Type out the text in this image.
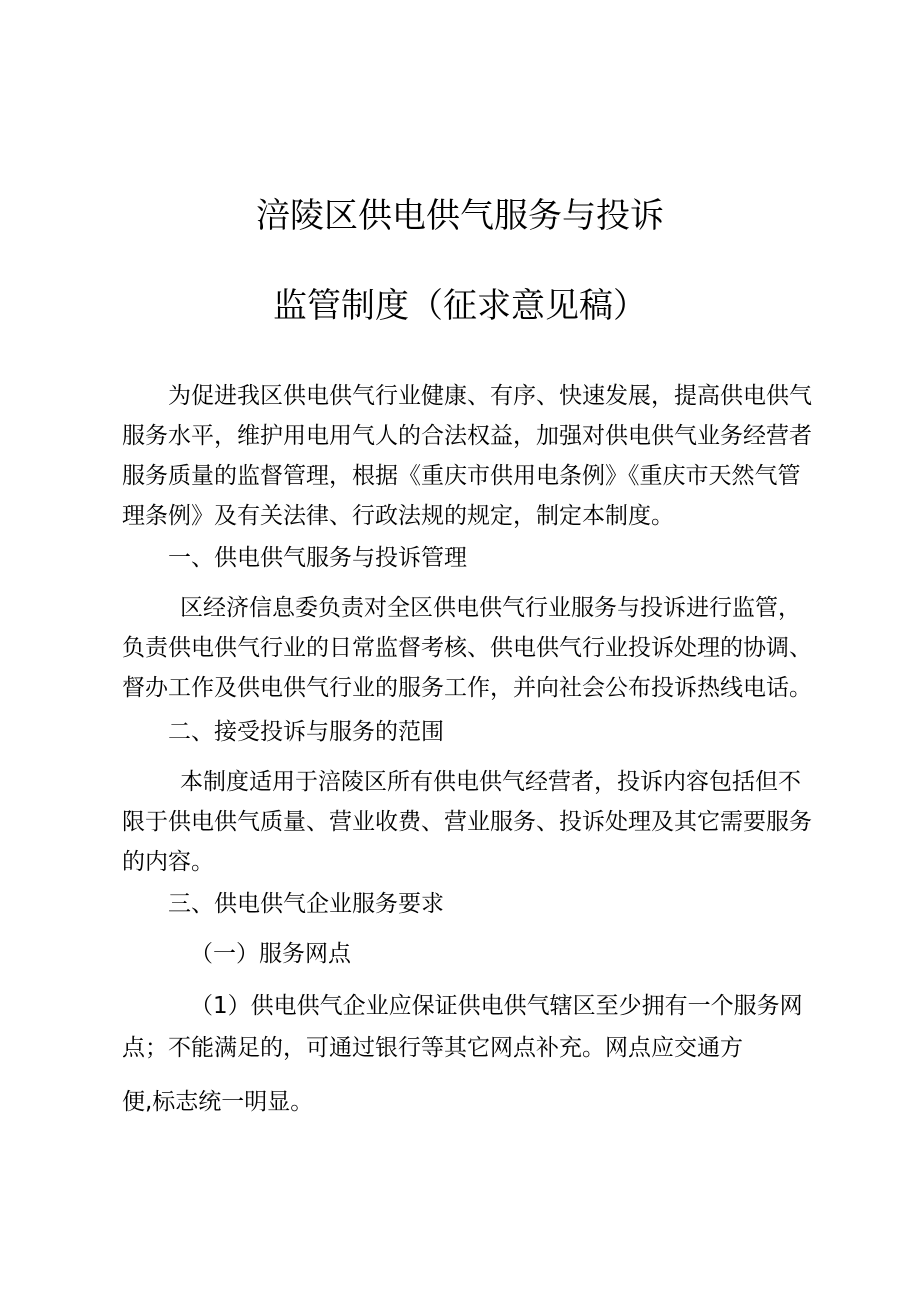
涪陵区供电供气服务与投诉
监管制度（征求意见稿）
为促进我区供电供气行业健康、有序、快速发展，提高供电供气
服务水平，维护用电用气人的合法权益，加强对供电供气业务经营者
服务质量的监督管理，根据《重庆市供用电条例》《重庆市天然气管
理条例》及有关法律、行政法规的规定，制定本制度。
一、供电供气服务与投诉管理
区经济信息委负责对全区供电供气行业服务与投诉进行监管，
负责供电供气行业的日常监督考核、供电供气行业投诉处理的协调、
督办工作及供电供气行业的服务工作，并向社会公布投诉热线电话。
二、接受投诉与服务的范围
本制度适用于涪陵区所有供电供气经营者，投诉内容包括但不
限于供电供气质量、营业收费、营业服务、投诉处理及其它需要服务
的内容。
三、供电供气企业服务要求
（一）服务网点
（1）供电供气企业应保证供电供气辖区至少拥有一个服务网
点；不能满足的，可通过银行等其它网点补充。网点应交通方
便,标志统一明显。
